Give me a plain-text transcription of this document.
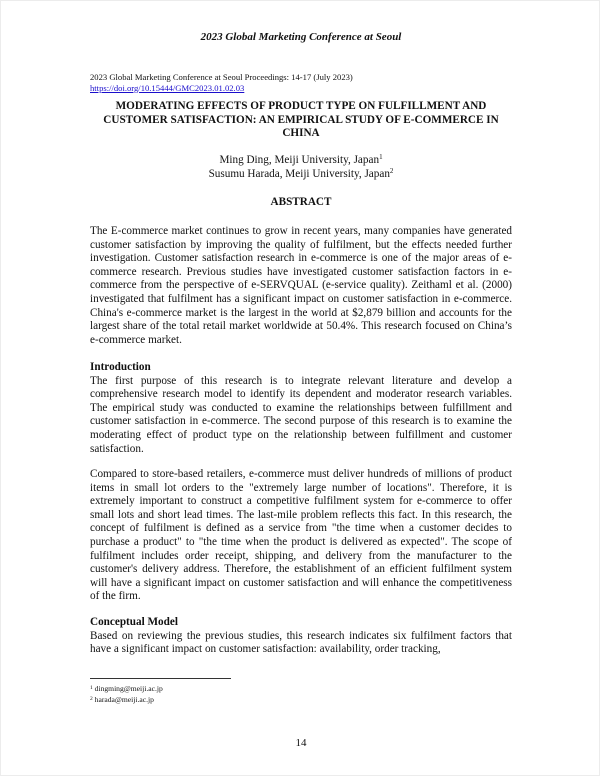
2023 Global Marketing Conference at Seoul
2023 Global Marketing Conference at Seoul Proceedings: 14-17 (July 2023)
https://doi.org/10.15444/GMC2023.01.02.03
MODERATING EFFECTS OF PRODUCT TYPE ON FULFILLMENT AND CUSTOMER SATISFACTION: AN EMPIRICAL STUDY OF E-COMMERCE IN CHINA
Ming Ding, Meiji University, Japan$^1$
Susumu Harada, Meiji University, Japan$^2$
ABSTRACT

The E-commerce market continues to grow in recent years, many companies have generated customer satisfaction by improving the quality of fulfilment, but the effects needed further investigation. Customer satisfaction research in e-commerce is one of the major areas of e-commerce research. Previous studies have investigated customer satisfaction factors in e-commerce from the perspective of e-SERVQUAL (e-service quality). Zeithaml et al. (2000) investigated that fulfilment has a significant impact on customer satisfaction in e-commerce. China's e-commerce market is the largest in the world at $2,879 billion and accounts for the largest share of the total retail market worldwide at 50.4%. This research focused on China’s e-commerce market.

Introduction

The first purpose of this research is to integrate relevant literature and develop a comprehensive research model to identify its dependent and moderator research variables. The empirical study was conducted to examine the relationships between fulfillment and customer satisfaction in e-commerce. The second purpose of this research is to examine the moderating effect of product type on the relationship between fulfillment and customer satisfaction.

Compared to store-based retailers, e-commerce must deliver hundreds of millions of product items in small lot orders to the "extremely large number of locations". Therefore, it is extremely important to construct a competitive fulfilment system for e-commerce to offer small lots and short lead times. The last-mile problem reflects this fact. In this research, the concept of fulfilment is defined as a service from "the time when a customer decides to purchase a product" to "the time when the product is delivered as expected". The scope of fulfilment includes order receipt, shipping, and delivery from the manufacturer to the customer's delivery address. Therefore, the establishment of an efficient fulfilment system will have a significant impact on customer satisfaction and will enhance the competitiveness of the firm.

Conceptual Model

Based on reviewing the previous studies, this research indicates six fulfilment factors that have a significant impact on customer satisfaction: availability, order tracking,

$^1$ dingming@meiji.ac.jp
$^2$ harada@meiji.ac.jp
14
